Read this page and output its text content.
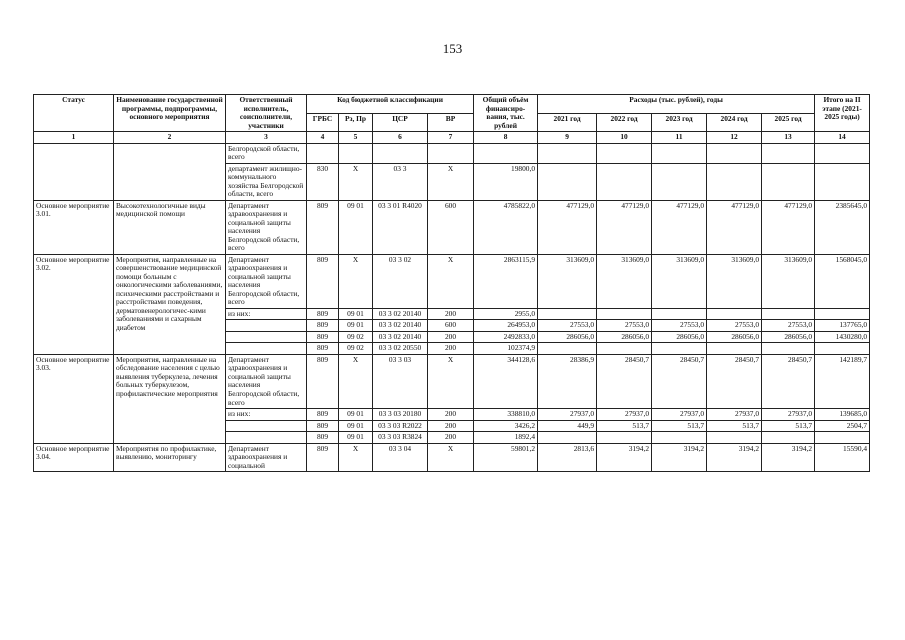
153
Статус	Наименование государственной программы, подпрограммы, основного мероприятия	Ответственный исполнитель, соисполнители, участники	Код бюджетной классификации				Общий объём финансиро-вания, тыс. рублей	Расходы (тыс. рублей), годы					Итого на II этапе (2021-2025 годы)
			ГРБС	Рз, Пр	ЦСР	ВР		2021 год	2022 год	2023 год	2024 год	2025 год	
1	2	3	4	5	6	7	8	9	10	11	12	13	14
		Белгородской области, всего											
		департамент жилищно-коммунального хозяйства Белгородской области, всего	830	X	03 3	X	19800,0						
Основное мероприятие 3.01.	Высокотехнологичные виды медицинской помощи	Департамент здравоохранения и социальной защиты населения Белгородской области, всего	809	09 01	03 3 01 R4020	600	4785822,0	477129,0	477129,0	477129,0	477129,0	477129,0	2385645,0
Основное мероприятие 3.02.	Мероприятия, направленные на совершенствование медицинской помощи больным с онкологическими заболеваниями, психическими расстройствами и расстройствами поведения, дерматовенерологичес-кими заболеваниями и сахарным диабетом	Департамент здравоохранения и социальной защиты населения Белгородской области, всего	809	X	03 3 02	X	2863115,9	313609,0	313609,0	313609,0	313609,0	313609,0	1568045,0
		из них:	809	09 01	03 3 02 20140	200	2955,0						
			809	09 01	03 3 02 20140	600	264953,0	27553,0	27553,0	27553,0	27553,0	27553,0	137765,0
			809	09 02	03 3 02 20140	200	2492833,0	286056,0	286056,0	286056,0	286056,0	286056,0	1430280,0
			809	09 02	03 3 02 20550	200	102374,9						
Основное мероприятие 3.03.	Мероприятия, направленные на обследование населения с целью выявления туберкулеза, лечения больных туберкулезом, профилактические мероприятия	Департамент здравоохранения и социальной защиты населения Белгородской области, всего	809	X	03 3 03	X	344128,6	28386,9	28450,7	28450,7	28450,7	28450,7	142189,7
		из них:	809	09 01	03 3 03 20180	200	338810,0	27937,0	27937,0	27937,0	27937,0	27937,0	139685,0
			809	09 01	03 3 03 R2022	200	3426,2	449,9	513,7	513,7	513,7	513,7	2504,7
			809	09 01	03 3 03 R3824	200	1892,4						
Основное мероприятие 3.04.	Мероприятия по профилактике, выявлению, мониторингу	Департамент здравоохранения и социальной	809	X	03 3 04	X	59801,2	2813,6	3194,2	3194,2	3194,2	3194,2	15590,4
